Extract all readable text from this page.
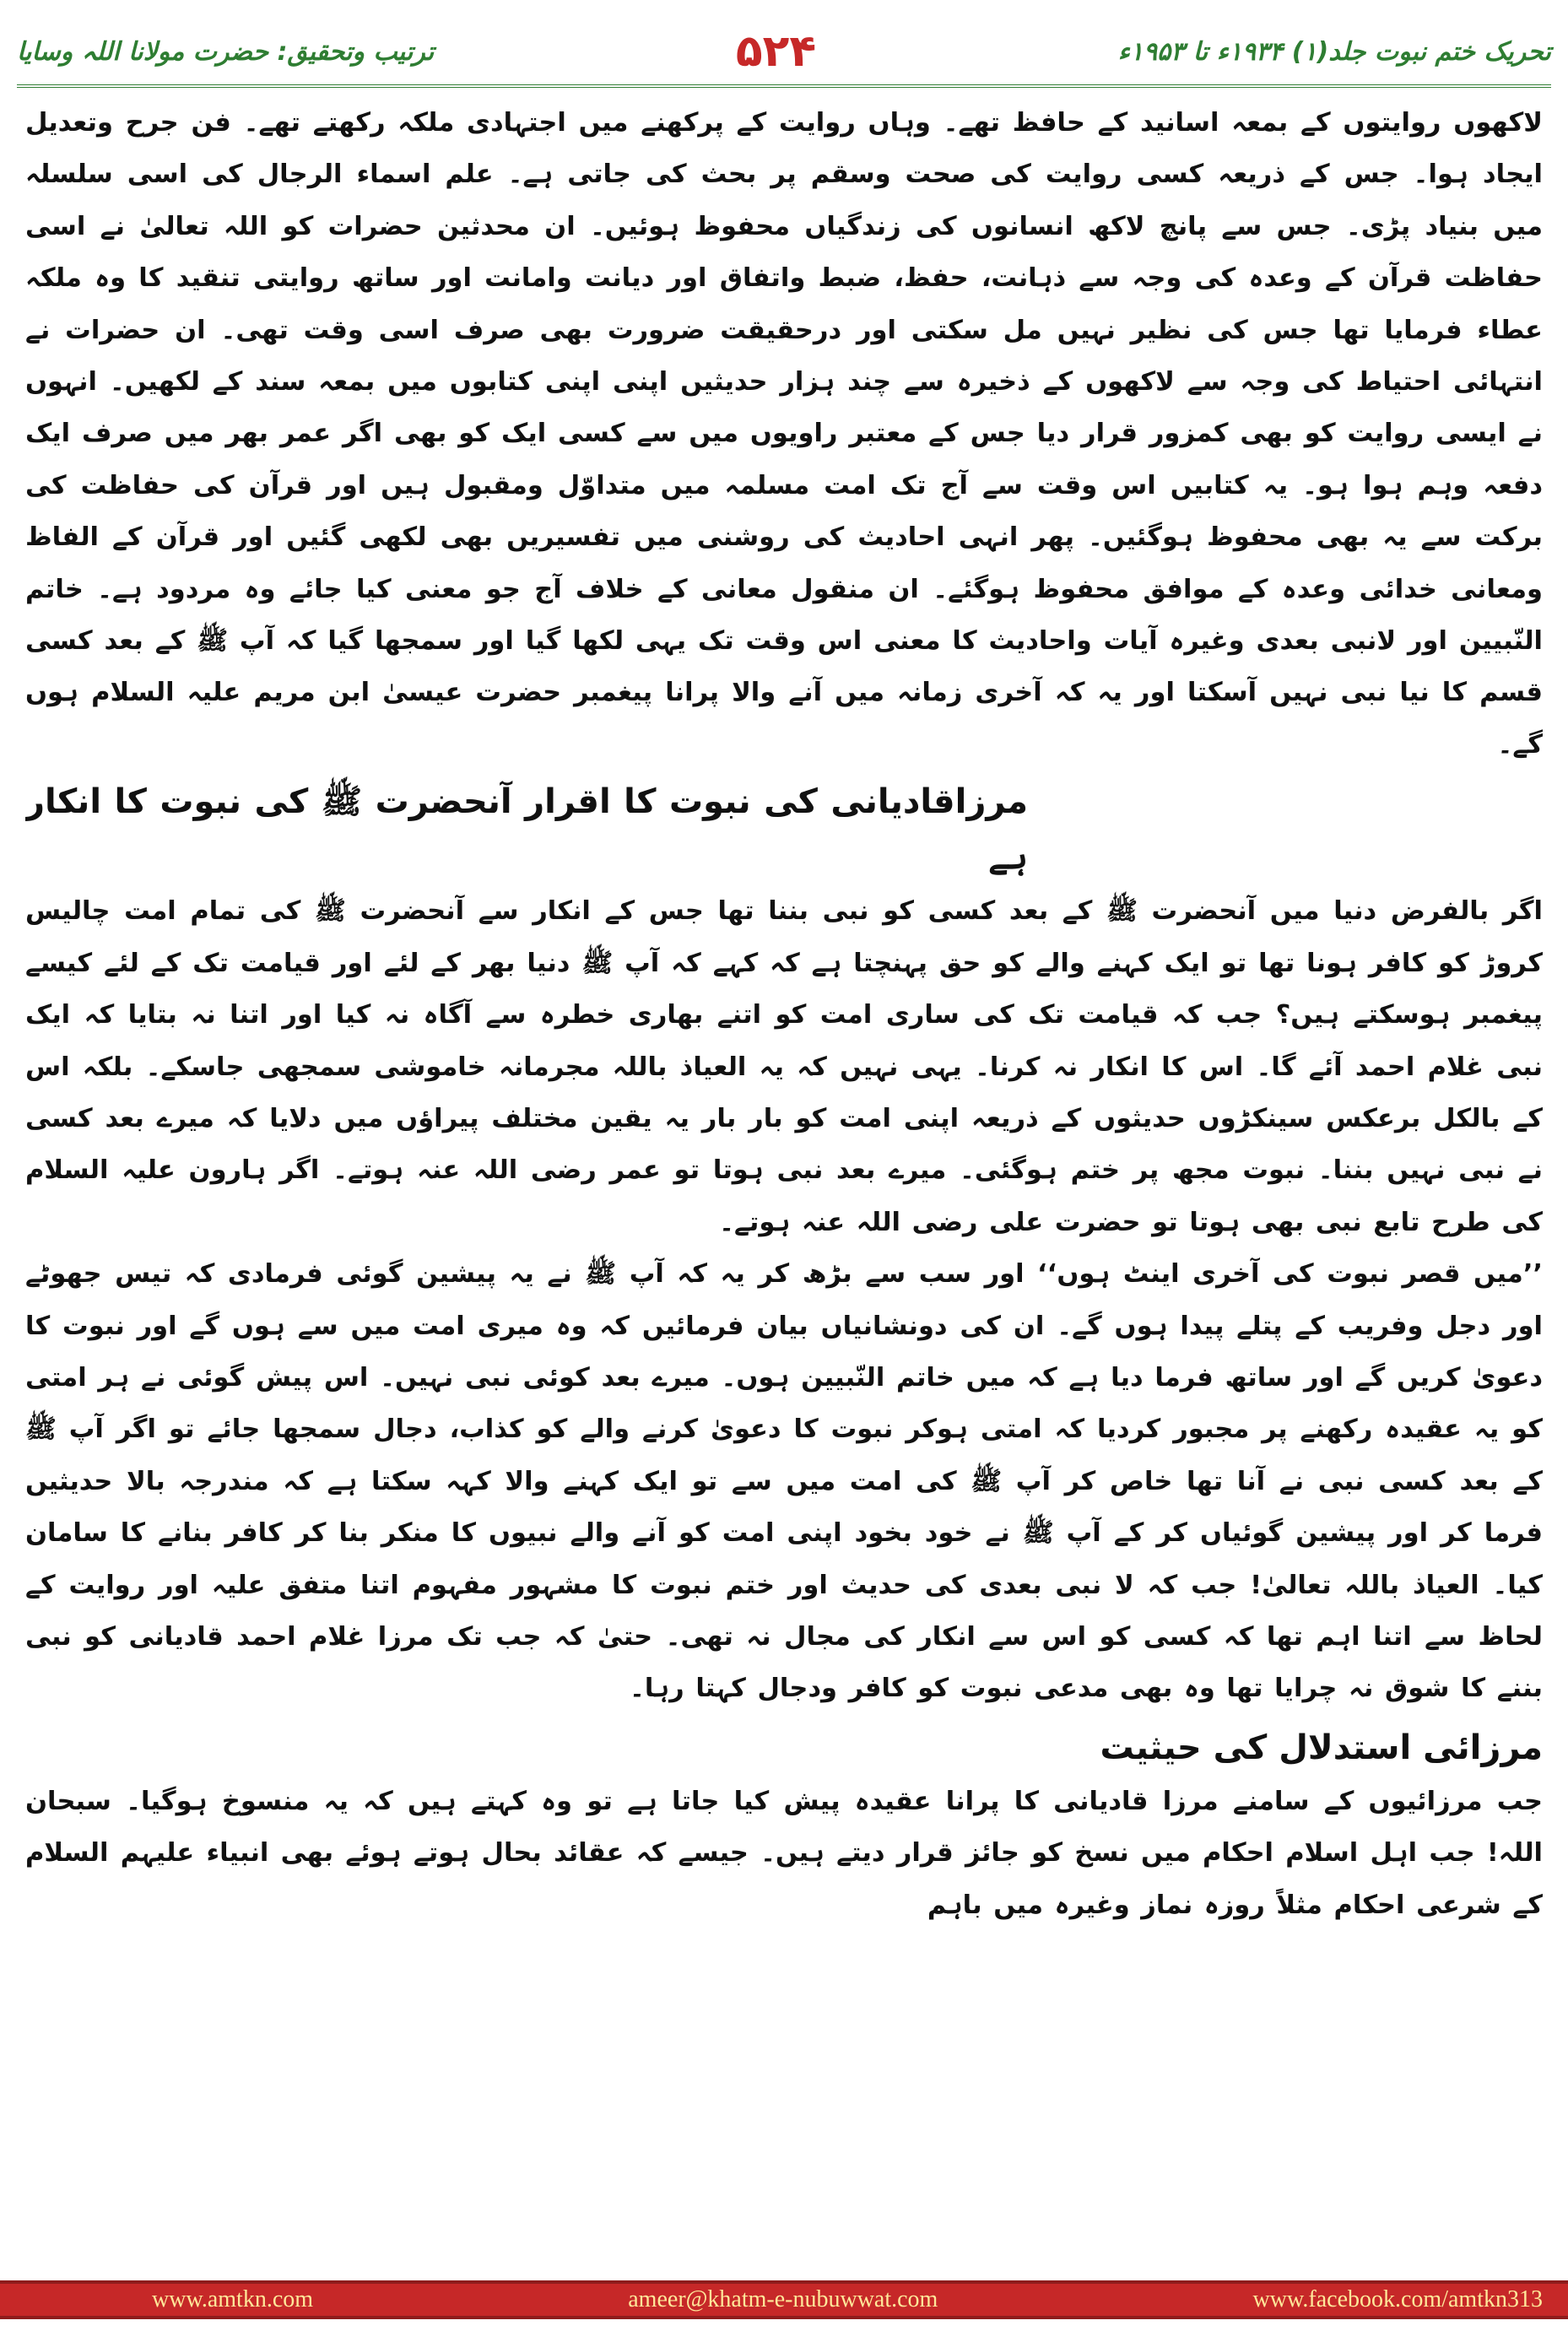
تحریک ختم نبوت جلد(۱) ۱۹۳۴ء تا ۱۹۵۳ء
۵۲۴
ترتیب وتحقیق: حضرت مولانا اللہ وسایا

لاکھوں روایتوں کے بمعہ اسانید کے حافظ تھے۔ وہاں روایت کے پرکھنے میں اجتہادی ملکہ رکھتے تھے۔ فن جرح وتعدیل ایجاد ہوا۔ جس کے ذریعہ کسی روایت کی صحت وسقم پر بحث کی جاتی ہے۔ علم اسماء الرجال کی اسی سلسلہ میں بنیاد پڑی۔ جس سے پانچ لاکھ انسانوں کی زندگیاں محفوظ ہوئیں۔ ان محدثین حضرات کو اللہ تعالیٰ نے اسی حفاظت قرآن کے وعدہ کی وجہ سے ذہانت، حفظ، ضبط واتفاق اور دیانت وامانت اور ساتھ روایتی تنقید کا وہ ملکہ عطاء فرمایا تھا جس کی نظیر نہیں مل سکتی اور درحقیقت ضرورت بھی صرف اسی وقت تھی۔ ان حضرات نے انتہائی احتیاط کی وجہ سے لاکھوں کے ذخیرہ سے چند ہزار حدیثیں اپنی اپنی کتابوں میں بمعہ سند کے لکھیں۔ انہوں نے ایسی روایت کو بھی کمزور قرار دیا جس کے معتبر راویوں میں سے کسی ایک کو بھی اگر عمر بھر میں صرف ایک دفعہ وہم ہوا ہو۔ یہ کتابیں اس وقت سے آج تک امت مسلمہ میں متداوّل ومقبول ہیں اور قرآن کی حفاظت کی برکت سے یہ بھی محفوظ ہوگئیں۔ پھر انہی احادیث کی روشنی میں تفسیریں بھی لکھی گئیں اور قرآن کے الفاظ ومعانی خدائی وعدہ کے موافق محفوظ ہوگئے۔ ان منقول معانی کے خلاف آج جو معنی کیا جائے وہ مردود ہے۔ خاتم النّبیین اور لانبی بعدی وغیرہ آیات واحادیث کا معنی اس وقت تک یہی لکھا گیا اور سمجھا گیا کہ آپ ﷺ کے بعد کسی قسم کا نیا نبی نہیں آسکتا اور یہ کہ آخری زمانہ میں آنے والا پرانا پیغمبر حضرت عیسیٰ ابن مریم علیہ السلام ہوں گے۔

مرزاقادیانی کی نبوت کا اقرار آنحضرت ﷺ کی نبوت کا انکار ہے

اگر بالفرض دنیا میں آنحضرت ﷺ کے بعد کسی کو نبی بننا تھا جس کے انکار سے آنحضرت ﷺ کی تمام امت چالیس کروڑ کو کافر ہونا تھا تو ایک کہنے والے کو حق پہنچتا ہے کہ کہے کہ آپ ﷺ دنیا بھر کے لئے اور قیامت تک کے لئے کیسے پیغمبر ہوسکتے ہیں؟ جب کہ قیامت تک کی ساری امت کو اتنے بھاری خطرہ سے آگاہ نہ کیا اور اتنا نہ بتایا کہ ایک نبی غلام احمد آئے گا۔ اس کا انکار نہ کرنا۔ یہی نہیں کہ یہ العیاذ باللہ مجرمانہ خاموشی سمجھی جاسکے۔ بلکہ اس کے بالکل برعکس سینکڑوں حدیثوں کے ذریعہ اپنی امت کو بار بار یہ یقین مختلف پیراؤں میں دلایا کہ میرے بعد کسی نے نبی نہیں بننا۔ نبوت مجھ پر ختم ہوگئی۔ میرے بعد نبی ہوتا تو عمر رضی اللہ عنہ ہوتے۔ اگر ہارون علیہ السلام کی طرح تابع نبی بھی ہوتا تو حضرت علی رضی اللہ عنہ ہوتے۔

’’میں قصر نبوت کی آخری اینٹ ہوں‘‘ اور سب سے بڑھ کر یہ کہ آپ ﷺ نے یہ پیشین گوئی فرمادی کہ تیس جھوٹے اور دجل وفریب کے پتلے پیدا ہوں گے۔ ان کی دونشانیاں بیان فرمائیں کہ وہ میری امت میں سے ہوں گے اور نبوت کا دعویٰ کریں گے اور ساتھ فرما دیا ہے کہ میں خاتم النّبیین ہوں۔ میرے بعد کوئی نبی نہیں۔ اس پیش گوئی نے ہر امتی کو یہ عقیدہ رکھنے پر مجبور کردیا کہ امتی ہوکر نبوت کا دعویٰ کرنے والے کو کذاب، دجال سمجھا جائے تو اگر آپ ﷺ کے بعد کسی نبی نے آنا تھا خاص کر آپ ﷺ کی امت میں سے تو ایک کہنے والا کہہ سکتا ہے کہ مندرجہ بالا حدیثیں فرما کر اور پیشین گوئیاں کر کے آپ ﷺ نے خود بخود اپنی امت کو آنے والے نبیوں کا منکر بنا کر کافر بنانے کا سامان کیا۔ العیاذ باللہ تعالیٰ! جب کہ لا نبی بعدی کی حدیث اور ختم نبوت کا مشہور مفہوم اتنا متفق علیہ اور روایت کے لحاظ سے اتنا اہم تھا کہ کسی کو اس سے انکار کی مجال نہ تھی۔ حتیٰ کہ جب تک مرزا غلام احمد قادیانی کو نبی بننے کا شوق نہ چرایا تھا وہ بھی مدعی نبوت کو کافر ودجال کہتا رہا۔

مرزائی استدلال کی حیثیت

جب مرزائیوں کے سامنے مرزا قادیانی کا پرانا عقیدہ پیش کیا جاتا ہے تو وہ کہتے ہیں کہ یہ منسوخ ہوگیا۔ سبحان اللہ! جب اہل اسلام احکام میں نسخ کو جائز قرار دیتے ہیں۔ جیسے کہ عقائد بحال ہوتے ہوئے بھی انبیاء علیہم السلام کے شرعی احکام مثلاً روزہ نماز وغیرہ میں باہم

www.amtkn.com	ameer@khatm-e-nubuwwat.com	www.facebook.com/amtkn313
